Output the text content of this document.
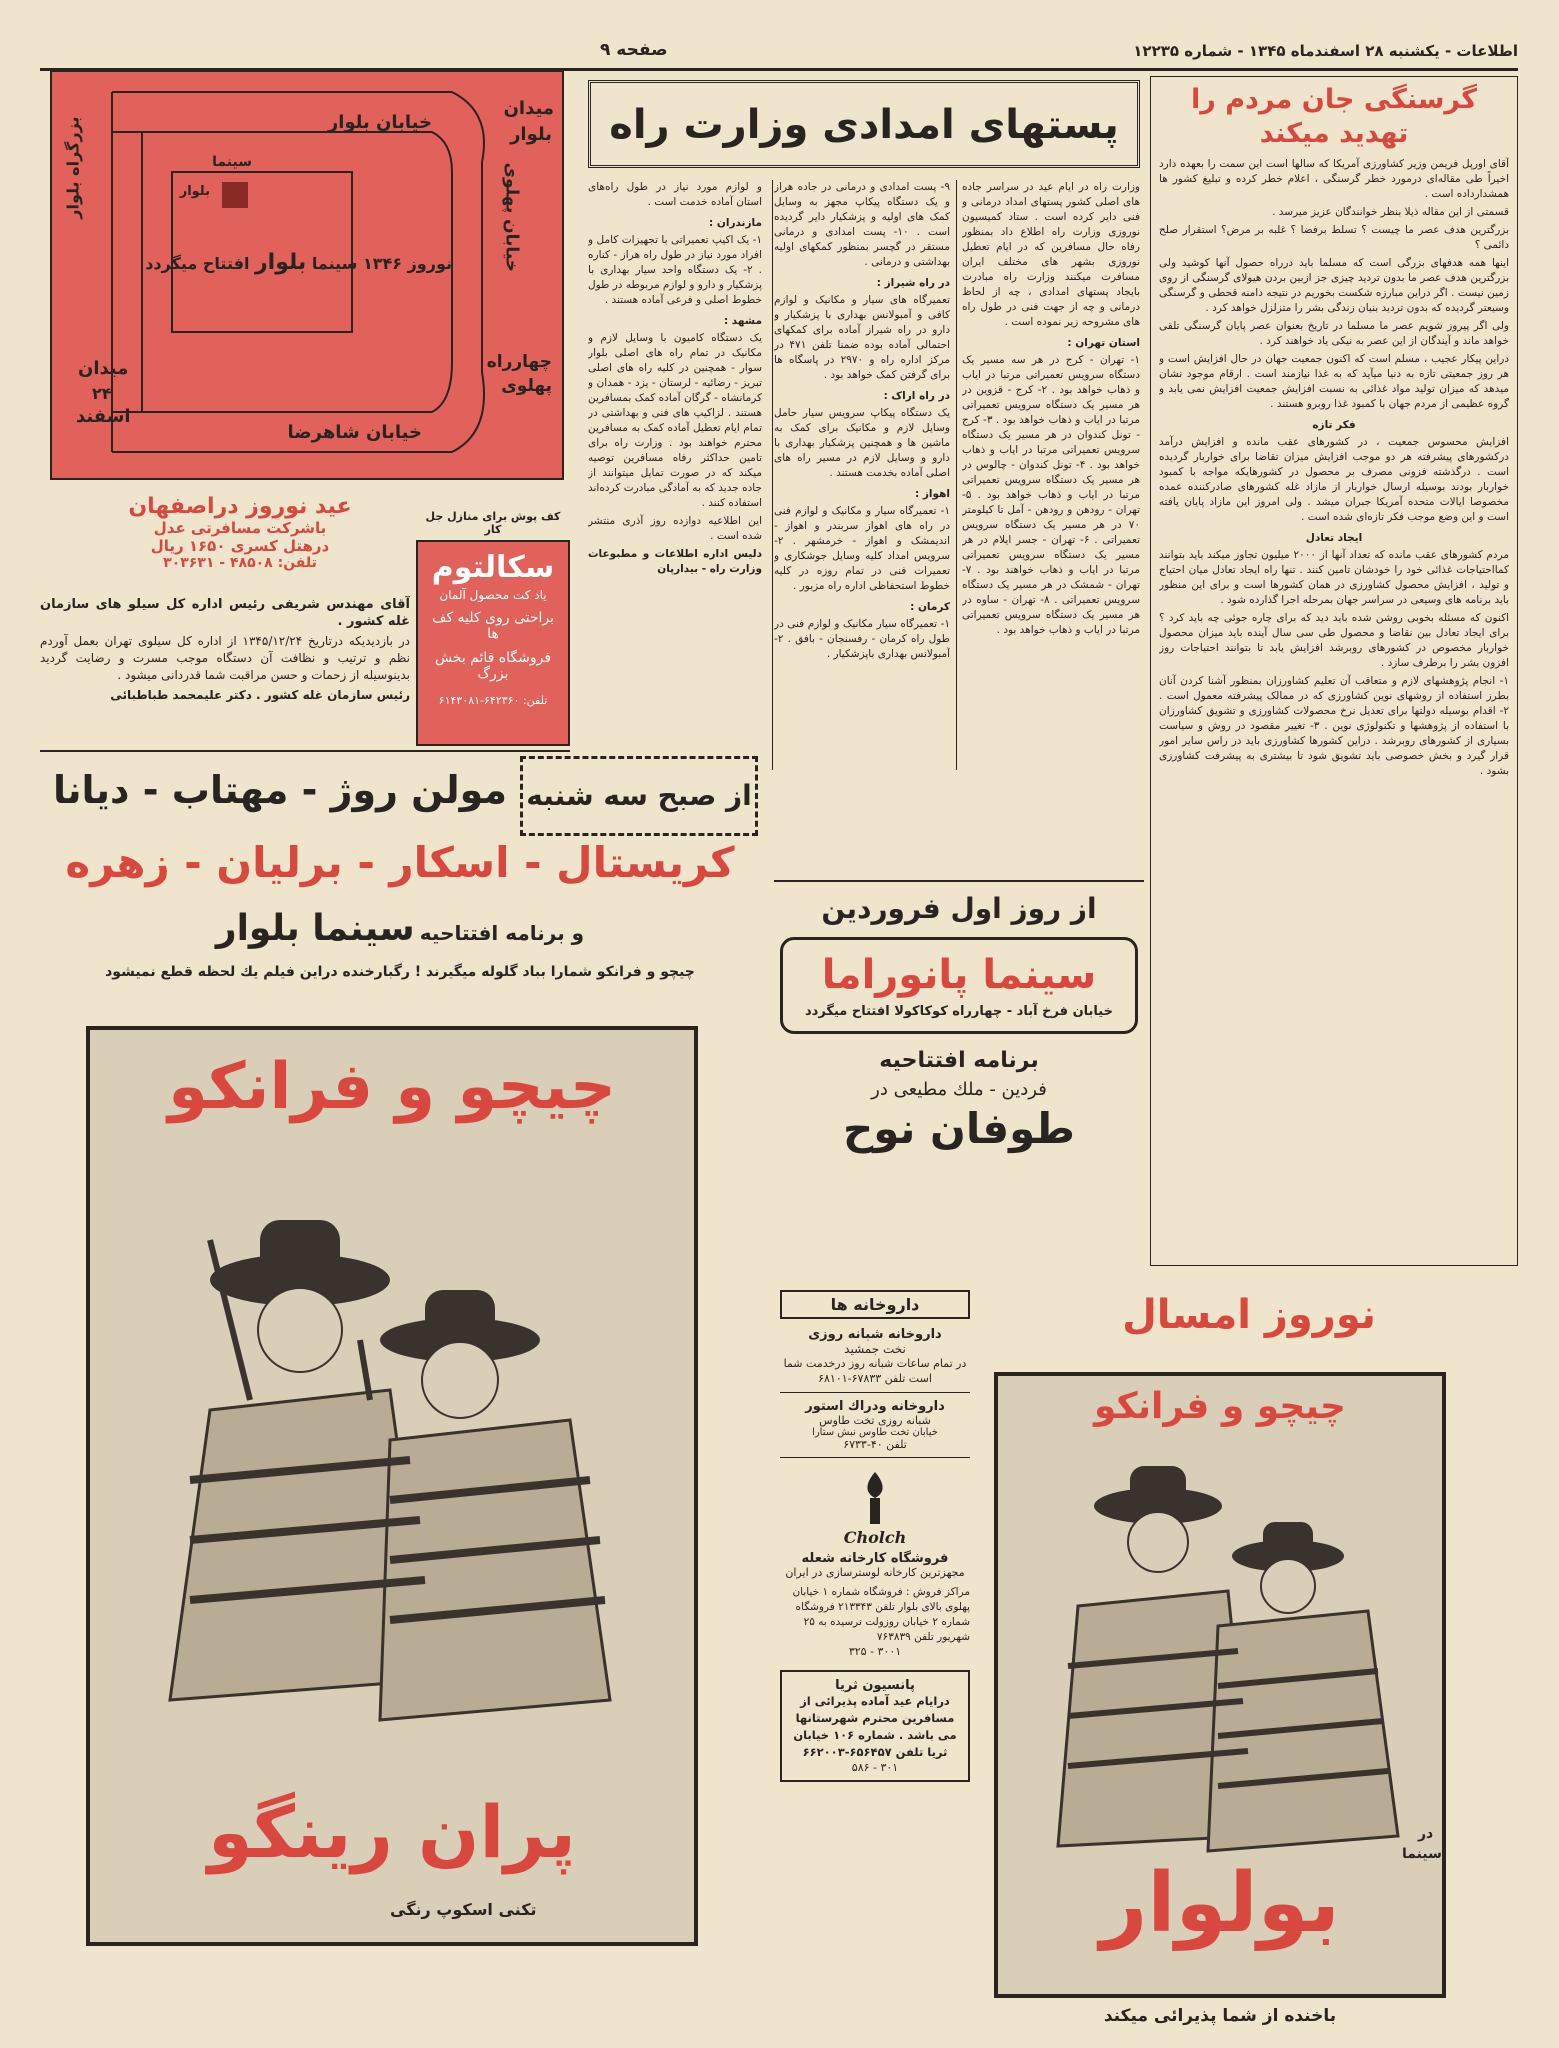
اطلاعات - یکشنبه ۲۸ اسفندماه ۱۳۴۵ - شماره ۱۲۲۳۵
صفحه ۹
گرسنگی جان مردم را
تهدید میکند

آقای اورپل فریمن وزیر کشاورزی آمریکا که سالها است این سمت را بعهده دارد اخیراً طی مقاله‌ای درمورد خطر گرسنگی ، اعلام خطر کرده و تبلیغ کشور ها همشدارداده است .

قسمتی از این مقاله ذیلا بنظر خوانندگان عزیز میرسد .

بزرگترین هدف عصر ما چیست ؟ تسلط برفضا ؟ غلبه بر مرض؟ استقرار صلح دائمی ؟

اینها همه هدفهای بزرگی است که مسلما باید درراه حصول آنها کوشید ولی بزرگترین هدف عصر ما بدون تردید چیزی جز ازبین بردن هیولای گرسنگی از روی زمین نیست . اگر دراین مبارزه شکست بخوریم در نتیجه دامنه قحطی و گرسنگی وسیعتر گردیده که بدون تردید بنیان زندگی بشر را متزلزل خواهد کرد .

ولی اگر پیروز شویم عصر ما مسلما در تاریخ بعنوان عصر پایان گرسنگی تلقی خواهد ماند و آیندگان از این عصر به نیکی یاد خواهند کرد .

دراین پیکار عجیب ، مسلم است که اکنون جمعیت جهان در حال افزایش است و هر روز جمعیتی تازه به دنیا میآید که به غذا نیازمند است . ارقام موجود نشان میدهد که میزان تولید مواد غذائی به نسبت افزایش جمعیت افزایش نمی یابد و گروه عظیمی از مردم جهان با کمبود غذا روبرو هستند .

فکر تازه

افزایش محسوس جمعیت ، در کشورهای عقب مانده و افزایش درآمد درکشورهای پیشرفته هر دو موجب افزایش میزان تقاضا برای خواربار گردیده است . درگذشته فزونی مصرف بر محصول در کشورهایکه مواجه با کمبود خواربار بودند بوسیله ارسال خواربار از مازاد غله کشورهای صادرکننده عمده مخصوصا ایالات متحده آمریکا جبران میشد . ولی امروز این مازاد پایان یافته است و این وضع موجب فکر تازه‌ای شده است .

ایجاد تعادل

مردم کشورهای عقب مانده که تعداد آنها از ۲۰۰۰ میلیون تجاوز میکند باید بتوانند کمااحتیاجات غذائی خود را خودشان تامین کنند . تنها راه ایجاد تعادل میان احتیاج و تولید ، افزایش محصول کشاورزی در همان کشورها است و برای این منظور باید برنامه های وسیعی در سراسر جهان بمرحله اجرا گذارده شود .

اکنون که مسئله بخوبی روشن شده باید دید که برای چاره جوئی چه باید کرد ؟ برای ایجاد تعادل بین نقاضا و محصول طی سی سال آینده باید میزان محصول خواربار مخصوص در کشورهای روبرشد افزایش یابد تا بتوانند احتیاجات روز افزون بشر را برطرف سازد .

۱- انجام پژوهشهای لازم و متعاقب آن تعلیم کشاورزان بمنظور آشنا کردن آنان بطرز استفاده از روشهای نوین کشاورزی که در ممالک پیشرفته معمول است . ۲- اقدام بوسیله دولتها برای تعدیل نرخ محصولات کشاورزی و تشویق کشاورزان با استفاده از پژوهشها و تکنولوژی نوین . ۳- تغییر مقصود در روش و سیاست بسیاری از کشورهای روبرشد . دراین کشورها کشاورزی باید در راس سایر امور قرار گیرد و بخش خصوصی باید تشویق شود تا بیشتری به پیشرفت کشاورزی بشود .

پستهای امدادی وزارت راه

وزارت راه در ایام عید در سراسر جاده های اصلی کشور پستهای امداد درمانی و فنی دایر کرده است . ستاد کمیسیون نوروزی وزارت راه اطلاع داد بمنظور رفاه حال مسافرین که در ایام تعطیل نوروزی بشهر های مختلف ایران مسافرت میکنند وزارت راه مبادرت بایجاد پستهای امدادی ، چه از لحاظ درمانی و چه از جهت فنی در طول راه های مشروحه زیر نموده است .

استان تهران :

۱- تهران - کرج در هر سه مسیر یک دستگاه سرویس تعمیراتی مرتبا در ایاب و ذهاب خواهد بود . ۲- کرج - قزوین در هر مسیر یک دستگاه سرویس تعمیراتی مرتبا در ایاب و ذهاب خواهد بود . ۳- کرج - تونل کندوان در هر مسیر یک دستگاه سرویس تعمیراتی مرتبا در ایاب و ذهاب خواهد بود . ۴- تونل کندوان - چالوس در هر مسیر یک دستگاه سرویس تعمیراتی مرتبا در ایاب و ذهاب خواهد بود . ۵- تهران - رودهن و رودهن - آمل تا کیلومتر ۷۰ در هر مسیر یک دستگاه سرویس تعمیراتی . ۶- تهران - جسر ایلام در هر مسیر یک دستگاه سرویس تعمیراتی مرتبا در ایاب و ذهاب خواهند بود . ۷- تهران - شمشک در هر مسیر یک دستگاه سرویس تعمیراتی . ۸- تهران - ساوه در هر مسیر یک دستگاه سرویس تعمیراتی مرتبا در ایاب و ذهاب خواهد بود .

۹- پست امدادی و درمانی در جاده هراز و یک دستگاه پیکاپ مجهز به وسایل کمک های اولیه و پزشکیار دایر گردیده است . ۱۰- پست امدادی و درمانی مستقر در گچسر بمنظور کمکهای اولیه بهداشتی و درمانی .

در راه شیراز :

تعمیرگاه های سیار و مکانیک و لوازم کافی و آمبولانس بهداری با پزشکیار و دارو در راه شیراز آماده برای کمکهای احتمالی آماده بوده ضمنا تلفن ۴۷۱ در مرکز اداره راه و ۲۹۷۰ در پاسگاه ها برای گرفتن کمک خواهد بود .

در راه اراک :

یک دستگاه پیکاپ سرویس سیار حامل وسایل لازم و مکانیک برای کمک به ماشین ها و همچنین پزشکیار بهداری با دارو و وسایل لازم در مسیر راه های اصلی آماده بخدمت هستند .

اهواز :

۱- تعمیرگاه سیار و مکانیک و لوازم فنی در راه های اهواز سربندر و اهواز - اندیمشک و اهواز - خرمشهر . ۲- سرویس امداد کلیه وسایل جوشکاری و تعمیرات فنی در تمام روزه در کلیه خطوط استحفاظی اداره راه مزبور .

کرمان :

۱- تعمیرگاه سیار مکانیک و لوازم فنی در طول راه کرمان - رفسنجان - بافق . ۲- آمبولانس بهداری باپزشکیار .

و لوازم مورد نیاز در طول راه‌های استان آماده خدمت است .

مازندران :

۱- یک اکیپ تعمیراتی با تجهیزات کامل و افراد مورد نیاز در طول راه هراز - کناره . ۲- یک دستگاه واحد سیار بهداری با پزشکیار و دارو و لوازم مربوطه در طول خطوط اصلی و فرعی آماده هستند .

مشهد :

یک دستگاه کامیون با وسایل لازم و مکانیک در تمام راه های اصلی بلوار سوار - همچنین در کلیه راه های اصلی تبریز - رضائیه - لرستان - یزد - همدان و کرمانشاه - گرگان آماده کمک بمسافرین هستند . لزاکیپ های فنی و بهداشتی در تمام ایام تعطیل آماده کمک به مسافرین محترم خواهند بود . وزارت راه برای تامین حداکثر رفاه مسافرین توصیه میکند که در صورت تمایل میتوانند از جاده جدید که به آمادگی مبادرت کرده‌اند استفاده کنند .

این اطلاعیه دوازده روز آذری منتشر شده است .

دلیس اداره اطلاعات و مطبوعات وزارت راه - بیدارپان

میدان
بلوار
خیابان بلوار
سینما
بلوار	خیابان پهلوی
بزرگراه بلوار
نوروز ۱۳۴۶ سینما بلوار افتتاح میگردد
میدان
۲۴
اسفند
خیابان شاهرضا
چهارراه
پهلوی
عید نوروز دراصفهان
باشرکت مسافرتی عدل
درهتل کسری ۱۶۵۰ ریال
تلفن: ۴۸۵۰۸ - ۳۰۳۶۳۱
کف پوش برای منازل جل کار
سکالتوم
یاد کت محصول آلمان
براحتی روی کلیه کف ها
فروشگاه قائم بخش بزرگ
تلفن: ۶۴۲۳۶۰-۶۱۴۳۰۸۱

آقای مهندس شریفی رئیس اداره کل سیلو های سازمان غله کشور .

در بازدیدیکه درتاریخ ۱۳۴۵/۱۲/۲۴ از اداره کل سیلوی تهران بعمل آوردم نظم و ترتیب و نظافت آن دستگاه موجب مسرت و رضایت گردید بدینوسیله از زحمات و حسن مراقبت شما قدردانی میشود .

رئیس سازمان غله کشور . دکتر علیمحمد طباطبائی

از صبح سه شنبه
مولن روژ - مهتاب - دیانا
کریستال - اسکار - برلیان - زهره
و برنامه افتتاحیه سینما بلوار
چیچو و فرانکو شمارا بباد گلوله میگیرند ! رگبارخنده دراین فیلم یك لحظه قطع نمیشود
چیچو و فرانکو
پران رینگو
تکنی اسکوپ رنگی
از روز اول فروردین
سینما پانوراما
خیابان فرخ آباد - چهارراه کوکاکولا افتتاح میگردد
برنامه افتتاحیه
فردین - ملك مطیعی در
طوفان نوح
داروخانه ها
داروخانه شبانه روزی
نخت جمشید
در تمام ساعات شبانه روز درخدمت شما است تلفن ۶۷۸۳۳-۶۸۱۰۱
داروخانه ودراك استور
شبانه روزی تخت طاوس
خیابان تخت طاوس نبش ستارا
تلفن ۴۰-۶۷۳۳
Cholch
فروشگاه کارخانه شعله
مجهزترین کارخانه لوسترسازی در ایران
مراکز فروش : فروشگاه شماره ۱ خیابان پهلوی بالای بلوار تلفن ۲۱۳۳۴۳ فروشگاه شماره ۲ خیابان روزولت نرسیده به ۲۵ شهریور تلفن ۷۶۳۸۳۹
۳۰۰۱ - ۳۲۵
پانسیون ثریا
درایام عید آماده پذیرائی از مسافرین محترم شهرستانها می باشد . شماره ۱۰۶ خیابان ثریا تلفن ۶۵۶۴۵۷-۶۶۲۰۰۳
۳۰۱ - ۵۸۶
نوروز امسال
چیچو و فرانکو
در
سینما
بولوار
باخنده از شما پذیرائی میکند
